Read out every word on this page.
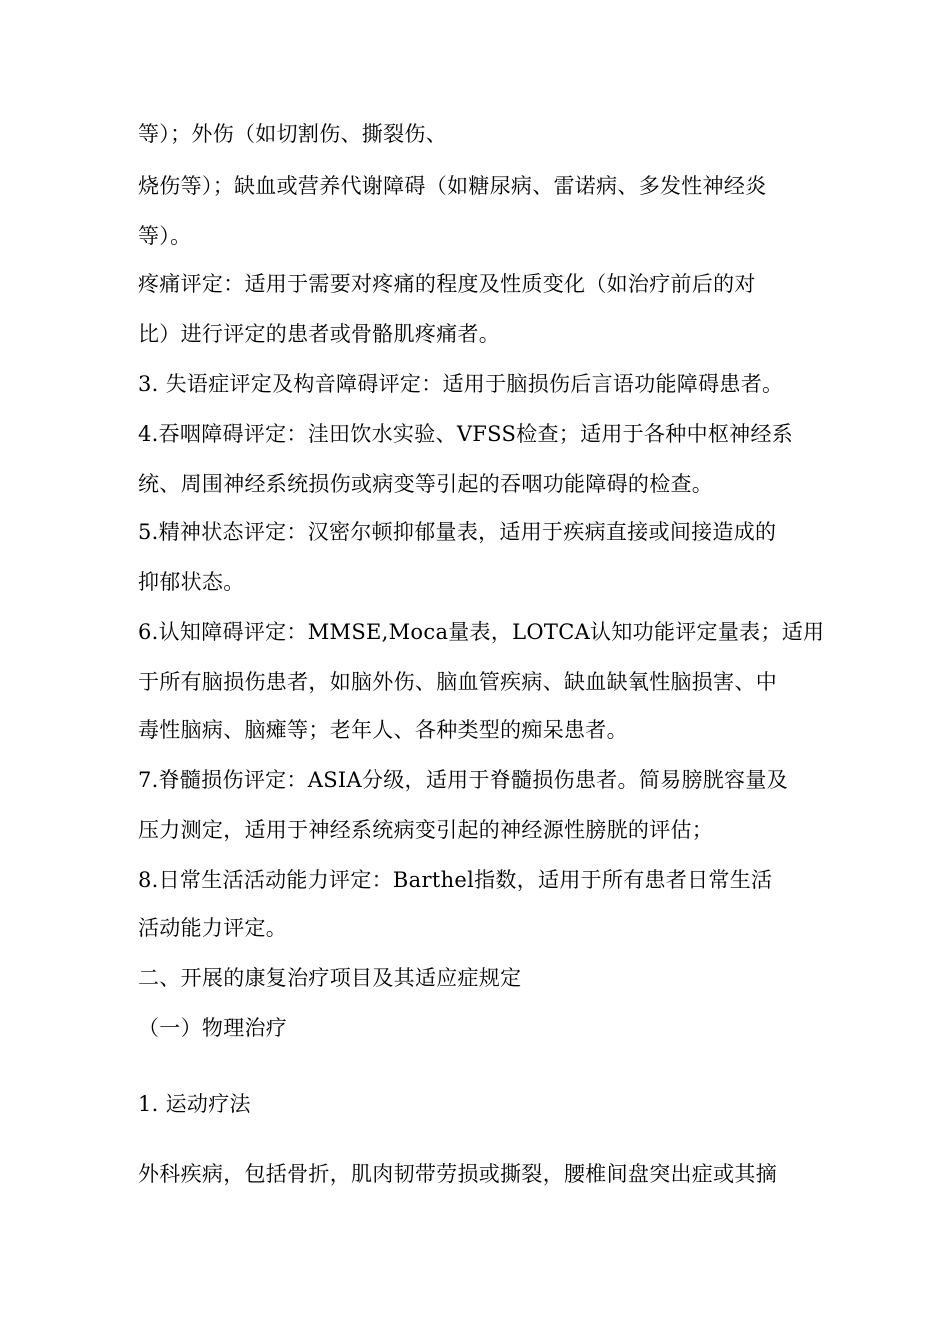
等）；外伤（如切割伤、撕裂伤、
烧伤等）；缺血或营养代谢障碍（如糖尿病、雷诺病、多发性神经炎
等）。
疼痛评定：适用于需要对疼痛的程度及性质变化（如治疗前后的对
比）进行评定的患者或骨骼肌疼痛者。
3. 失语症评定及构音障碍评定：适用于脑损伤后言语功能障碍患者。
4.吞咽障碍评定：洼田饮水实验、VFSS检查；适用于各种中枢神经系
统、周围神经系统损伤或病变等引起的吞咽功能障碍的检查。
5.精神状态评定：汉密尔顿抑郁量表，适用于疾病直接或间接造成的
抑郁状态。
6.认知障碍评定：MMSE,Moca量表，LOTCA认知功能评定量表；适用
于所有脑损伤患者，如脑外伤、脑血管疾病、缺血缺氧性脑损害、中
毒性脑病、脑瘫等；老年人、各种类型的痴呆患者。
7.脊髓损伤评定：ASIA分级，适用于脊髓损伤患者。简易膀胱容量及
压力测定，适用于神经系统病变引起的神经源性膀胱的评估；
8.日常生活活动能力评定：Barthel指数，适用于所有患者日常生活
活动能力评定。
二、开展的康复治疗项目及其适应症规定
（一）物理治疗
1. 运动疗法
外科疾病，包括骨折，肌肉韧带劳损或撕裂，腰椎间盘突出症或其摘
